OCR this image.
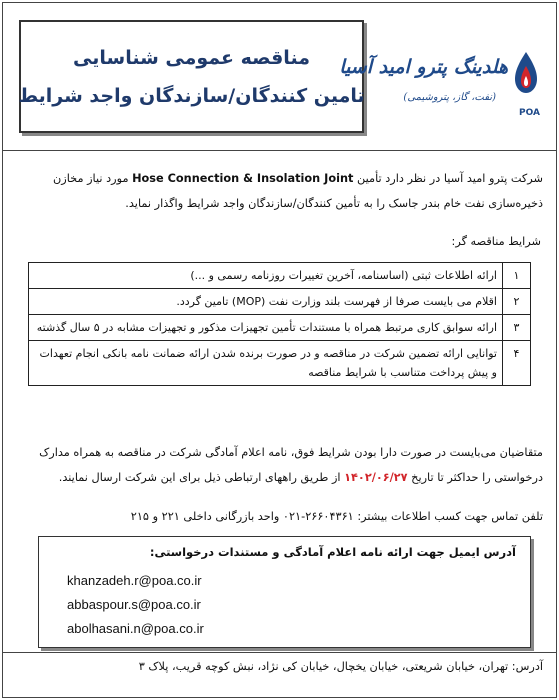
مناقصه عمومی شناسایی
تامین کنندگان/سازندگان واجد شرایط
هلدینگ پترو امید آسیا
(نفت، گاز، پتروشیمی)
POA
شرکت پترو امید آسیا در نظر دارد تأمین Hose Connection & Insolation Joint مورد نیاز مخازن ذخیره‌سازی نفت خام بندر جاسک را به تأمین کنندگان/سازندگان واجد شرایط واگذار نماید.
شرایط مناقصه گر:
۱	ارائه اطلاعات ثبتی (اساسنامه، آخرین تغییرات روزنامه رسمی و ...)
۲	اقلام می بایست صرفا از فهرست بلند وزارت نفت (MOP) تامین گردد.
۳	ارائه سوابق کاری مرتبط همراه با مستندات تأمین تجهیزات مذکور و تجهیزات مشابه در ۵ سال گذشته
۴	توانایی ارائه تضمین شرکت در مناقصه و در صورت برنده شدن ارائه ضمانت نامه بانکی انجام تعهدات و پیش پرداخت متناسب با شرایط مناقصه
متقاضیان می‌بایست در صورت دارا بودن شرایط فوق، نامه اعلام آمادگی شرکت در مناقصه به همراه مدارک
درخواستی را حداکثر تا تاریخ ۱۴۰۲/۰۶/۲۷ از طریق راههای ارتباطی ذیل برای این شرکت ارسال نمایند.
تلفن تماس جهت کسب اطلاعات بیشتر: ۲۶۶۰۴۳۶۱-۰۲۱ واحد بازرگانی داخلی ۲۲۱ و ۲۱۵
آدرس ایمیل جهت ارائه نامه اعلام آمادگی و مستندات درخواستی:
khanzadeh.r@poa.co.ir
abbaspour.s@poa.co.ir
abolhasani.n@poa.co.ir
آدرس: تهران، خیابان شریعتی، خیابان یخچال، خیابان کی نژاد، نبش کوچه قریب، پلاک ۳
